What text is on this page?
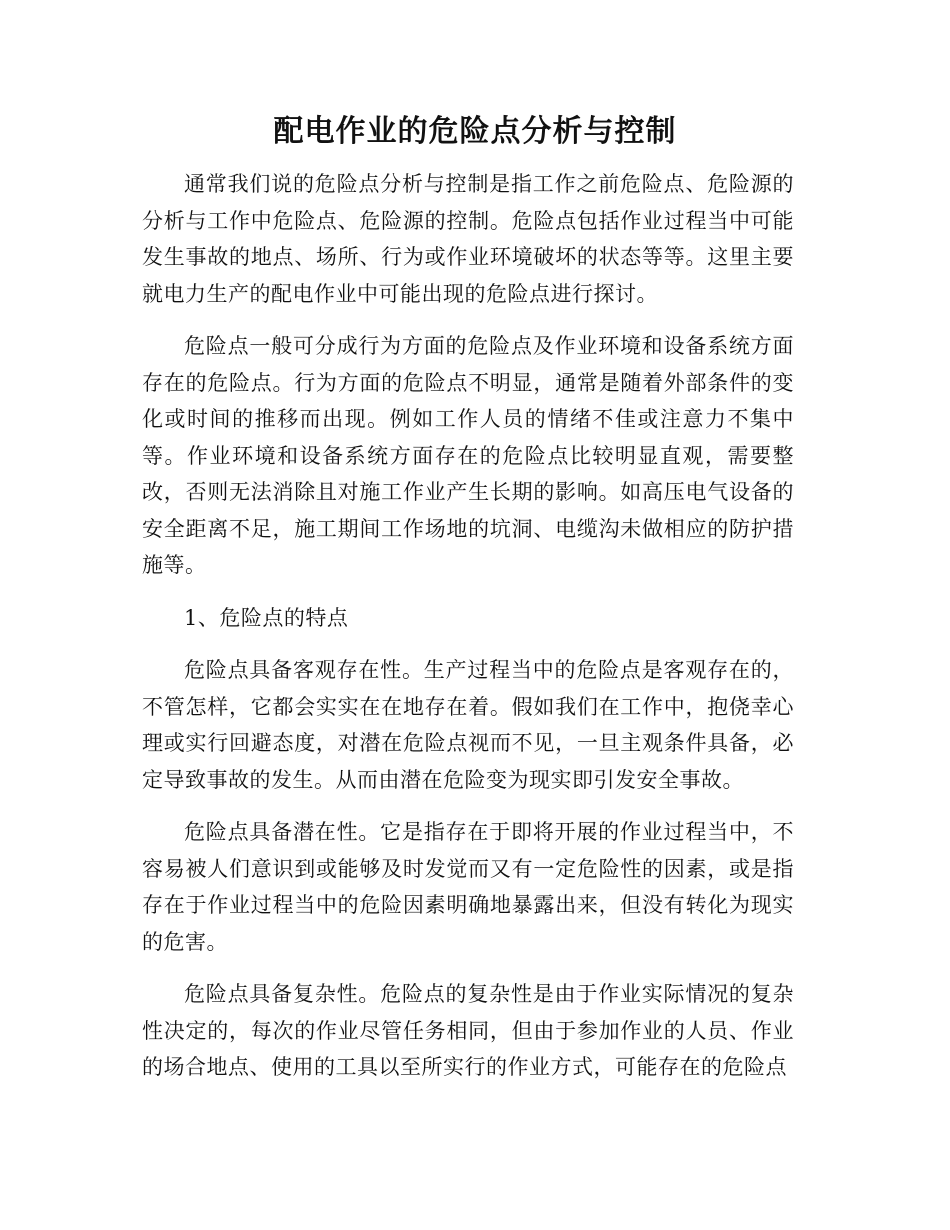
配电作业的危险点分析与控制

通常我们说的危险点分析与控制是指工作之前危险点、危险源的分析与工作中危险点、危险源的控制。危险点包括作业过程当中可能发生事故的地点、场所、行为或作业环境破坏的状态等等。这里主要就电力生产的配电作业中可能出现的危险点进行探讨。

危险点一般可分成行为方面的危险点及作业环境和设备系统方面存在的危险点。行为方面的危险点不明显，通常是随着外部条件的变化或时间的推移而出现。例如工作人员的情绪不佳或注意力不集中等。作业环境和设备系统方面存在的危险点比较明显直观，需要整改，否则无法消除且对施工作业产生长期的影响。如高压电气设备的安全距离不足，施工期间工作场地的坑洞、电缆沟未做相应的防护措施等。

1、危险点的特点

危险点具备客观存在性。生产过程当中的危险点是客观存在的，不管怎样，它都会实实在在地存在着。假如我们在工作中，抱侥幸心理或实行回避态度，对潜在危险点视而不见，一旦主观条件具备，必定导致事故的发生。从而由潜在危险变为现实即引发安全事故。

危险点具备潜在性。它是指存在于即将开展的作业过程当中，不容易被人们意识到或能够及时发觉而又有一定危险性的因素，或是指存在于作业过程当中的危险因素明确地暴露出来，但没有转化为现实的危害。

危险点具备复杂性。危险点的复杂性是由于作业实际情况的复杂性决定的，每次的作业尽管任务相同，但由于参加作业的人员、作业的场合地点、使用的工具以至所实行的作业方式，可能存在的危险点
